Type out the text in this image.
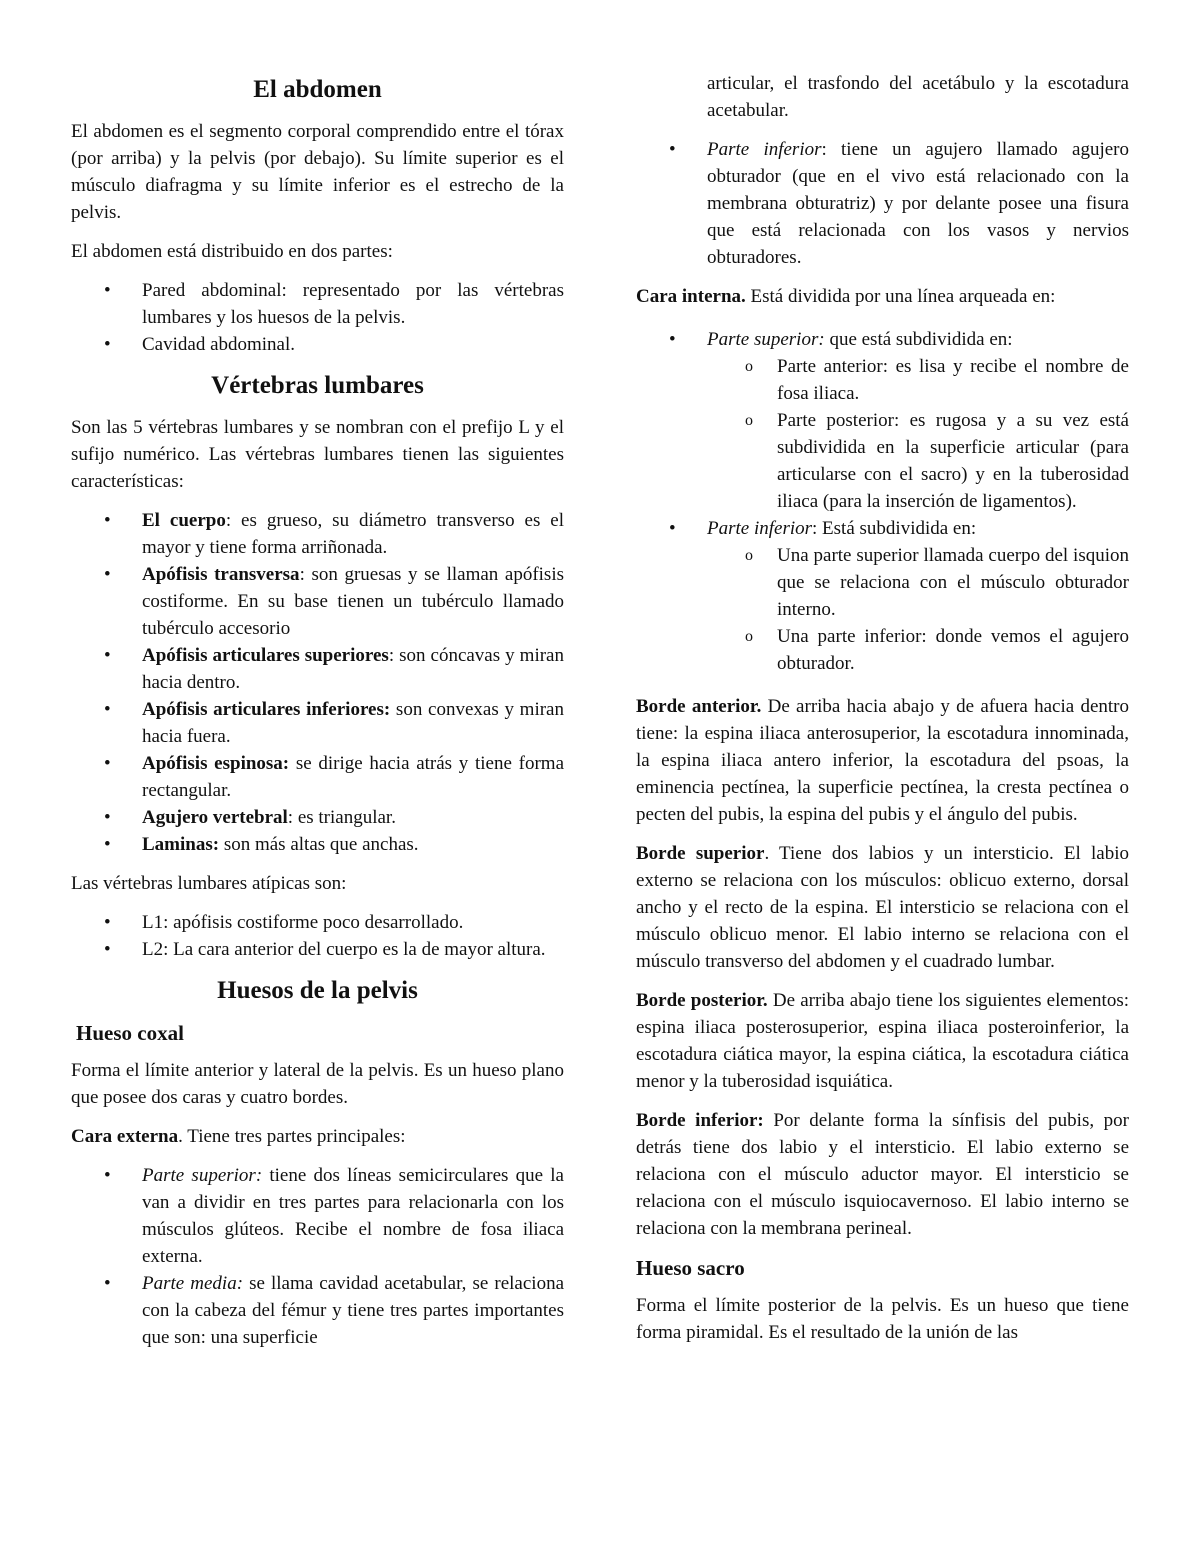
El abdomen

El abdomen es el segmento corporal comprendido entre el tórax (por arriba) y la pelvis (por debajo). Su límite superior es el músculo diafragma y su límite inferior es el estrecho de la pelvis.

El abdomen está distribuido en dos partes:

• Pared abdominal: representado por las vértebras lumbares y los huesos de la pelvis.
• Cavidad abdominal.
Vértebras lumbares

Son las 5 vértebras lumbares y se nombran con el prefijo L y el sufijo numérico. Las vértebras lumbares tienen las siguientes características:

• El cuerpo: es grueso, su diámetro transverso es el mayor y tiene forma arriñonada.
• Apófisis transversa: son gruesas y se llaman apófisis costiforme. En su base tienen un tubérculo llamado tubérculo accesorio
• Apófisis articulares superiores: son cóncavas y miran hacia dentro.
• Apófisis articulares inferiores: son convexas y miran hacia fuera.
• Apófisis espinosa: se dirige hacia atrás y tiene forma rectangular.
• Agujero vertebral: es triangular.
• Laminas: son más altas que anchas.

Las vértebras lumbares atípicas son:

• L1: apófisis costiforme poco desarrollado.
• L2: La cara anterior del cuerpo es la de mayor altura.
Huesos de la pelvis
Hueso coxal

Forma el límite anterior y lateral de la pelvis. Es un hueso plano que posee dos caras y cuatro bordes.

Cara externa. Tiene tres partes principales:

• Parte superior: tiene dos líneas semicirculares que la van a dividir en tres partes para relacionarla con los músculos glúteos. Recibe el nombre de fosa iliaca externa.
• Parte media: se llama cavidad acetabular, se relaciona con la cabeza del fémur y tiene tres partes importantes que son: una superficie

articular, el trasfondo del acetábulo y la escotadura acetabular.

• Parte inferior: tiene un agujero llamado agujero obturador (que en el vivo está relacionado con la membrana obturatriz) y por delante posee una fisura que está relacionada con los vasos y nervios obturadores.

Cara interna. Está dividida por una línea arqueada en:

• Parte superior: que está subdividida en:
o Parte anterior: es lisa y recibe el nombre de fosa iliaca.
o Parte posterior: es rugosa y a su vez está subdividida en la superficie articular (para articularse con el sacro) y en la tuberosidad iliaca (para la inserción de ligamentos).
• Parte inferior: Está subdividida en:
o Una parte superior llamada cuerpo del isquion que se relaciona con el músculo obturador interno.
o Una parte inferior: donde vemos el agujero obturador.

Borde anterior. De arriba hacia abajo y de afuera hacia dentro tiene: la espina iliaca anterosuperior, la escotadura innominada, la espina iliaca antero inferior, la escotadura del psoas, la eminencia pectínea, la superficie pectínea, la cresta pectínea o pecten del pubis, la espina del pubis y el ángulo del pubis.

Borde superior. Tiene dos labios y un intersticio. El labio externo se relaciona con los músculos: oblicuo externo, dorsal ancho y el recto de la espina. El intersticio se relaciona con el músculo oblicuo menor. El labio interno se relaciona con el músculo transverso del abdomen y el cuadrado lumbar.

Borde posterior. De arriba abajo tiene los siguientes elementos: espina iliaca posterosuperior, espina iliaca posteroinferior, la escotadura ciática mayor, la espina ciática, la escotadura ciática menor y la tuberosidad isquiática.

Borde inferior: Por delante forma la sínfisis del pubis, por detrás tiene dos labio y el intersticio. El labio externo se relaciona con el músculo aductor mayor. El intersticio se relaciona con el músculo isquiocavernoso. El labio interno se relaciona con la membrana perineal.

Hueso sacro

Forma el límite posterior de la pelvis. Es un hueso que tiene forma piramidal. Es el resultado de la unión de las
